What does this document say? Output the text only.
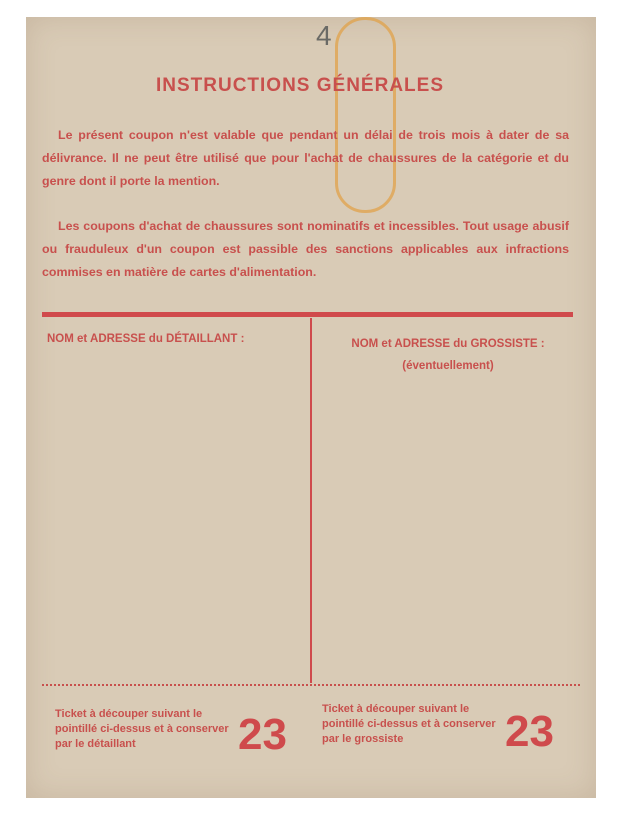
4
INSTRUCTIONS GÉNÉRALES
Le présent coupon n'est valable que pendant un délai de trois mois à dater de sa délivrance. Il ne peut être utilisé que pour l'achat de chaussures de la catégorie et du genre dont il porte la mention.
Les coupons d'achat de chaussures sont nominatifs et incessibles. Tout usage abusif ou frauduleux d'un coupon est passible des sanctions applicables aux infractions commises en matière de cartes d'alimentation.
NOM et ADRESSE du DÉTAILLANT :	NOM et ADRESSE du GROSSISTE :
(éventuellement)
Ticket à découper suivant le pointillé ci-dessus et à conserver par le détaillant	23
Ticket à découper suivant le pointillé ci-dessus et à conserver par le grossiste	23
